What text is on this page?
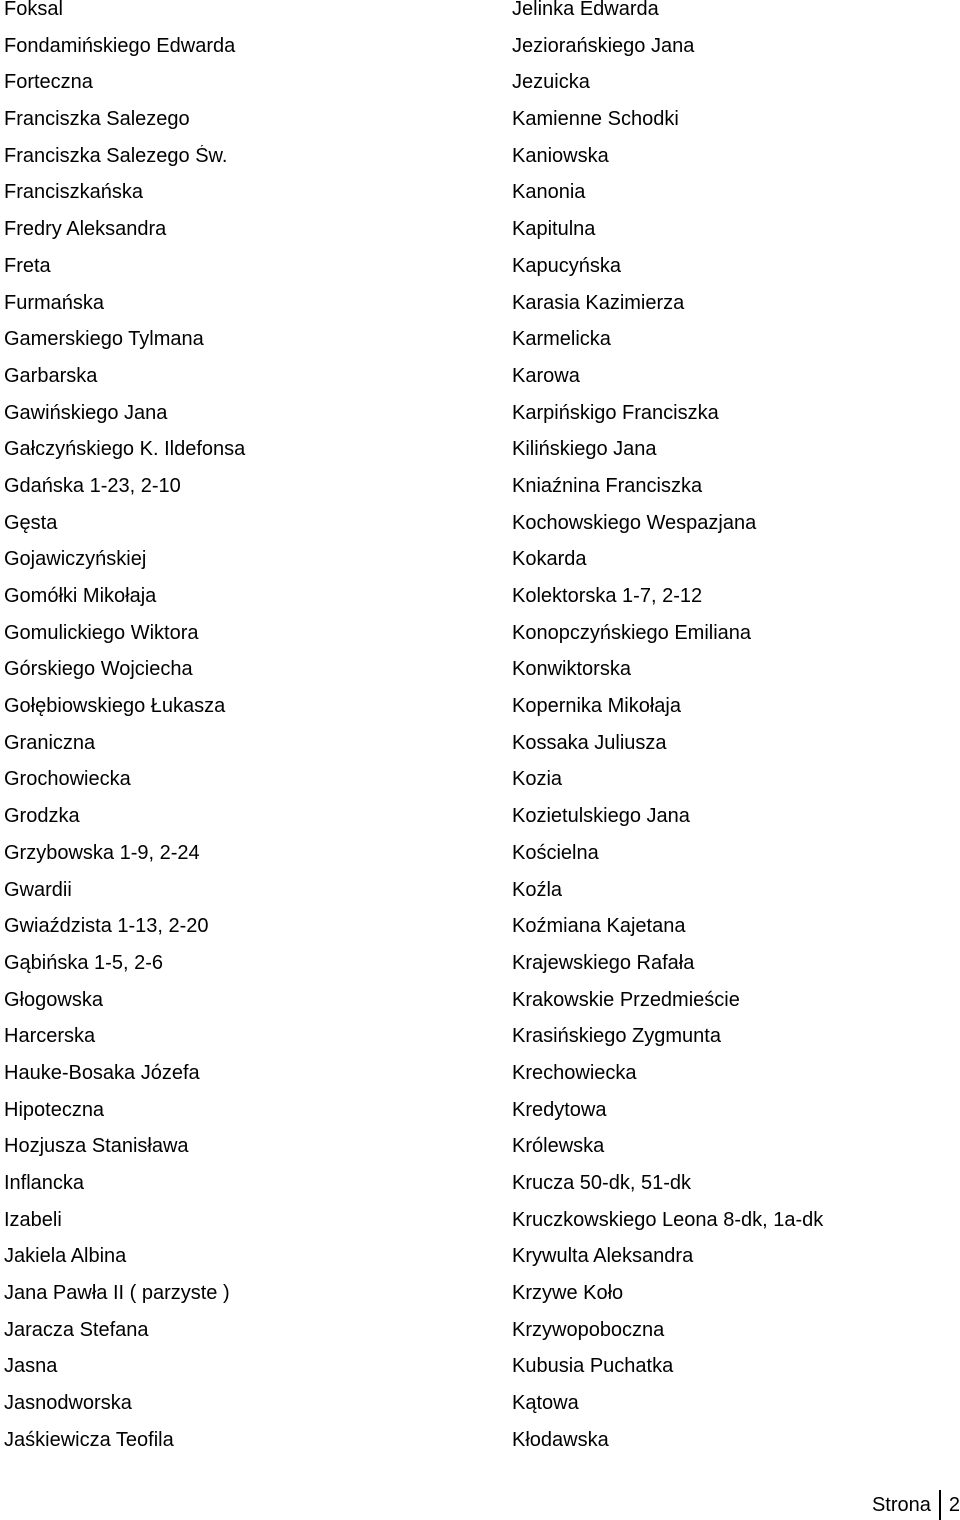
Foksal
Fondamińskiego Edwarda
Forteczna
Franciszka Salezego
Franciszka Salezego Św.
Franciszkańska
Fredry Aleksandra
Freta
Furmańska
Gamerskiego Tylmana
Garbarska
Gawińskiego Jana
Gałczyńskiego K. Ildefonsa
Gdańska 1-23, 2-10
Gęsta
Gojawiczyńskiej
Gomółki Mikołaja
Gomulickiego Wiktora
Górskiego Wojciecha
Gołębiowskiego Łukasza
Graniczna
Grochowiecka
Grodzka
Grzybowska 1-9, 2-24
Gwardii
Gwiaździsta 1-13, 2-20
Gąbińska 1-5, 2-6
Głogowska
Harcerska
Hauke-Bosaka Józefa
Hipoteczna
Hozjusza Stanisława
Inflancka
Izabeli
Jakiela Albina
Jana Pawła II ( parzyste )
Jaracza Stefana
Jasna
Jasnodworska
Jaśkiewicza Teofila
Jelinka Edwarda
Jeziorańskiego Jana
Jezuicka
Kamienne Schodki
Kaniowska
Kanonia
Kapitulna
Kapucyńska
Karasia Kazimierza
Karmelicka
Karowa
Karpińskigo Franciszka
Kilińskiego Jana
Kniaźnina Franciszka
Kochowskiego Wespazjana
Kokarda
Kolektorska 1-7, 2-12
Konopczyńskiego Emiliana
Konwiktorska
Kopernika Mikołaja
Kossaka Juliusza
Kozia
Kozietulskiego Jana
Kościelna
Koźla
Koźmiana Kajetana
Krajewskiego Rafała
Krakowskie Przedmieście
Krasińskiego Zygmunta
Krechowiecka
Kredytowa
Królewska
Krucza 50-dk, 51-dk
Kruczkowskiego Leona 8-dk, 1a-dk
Krywulta Aleksandra
Krzywe Koło
Krzywopoboczna
Kubusia Puchatka
Kątowa
Kłodawska
Strona 2
